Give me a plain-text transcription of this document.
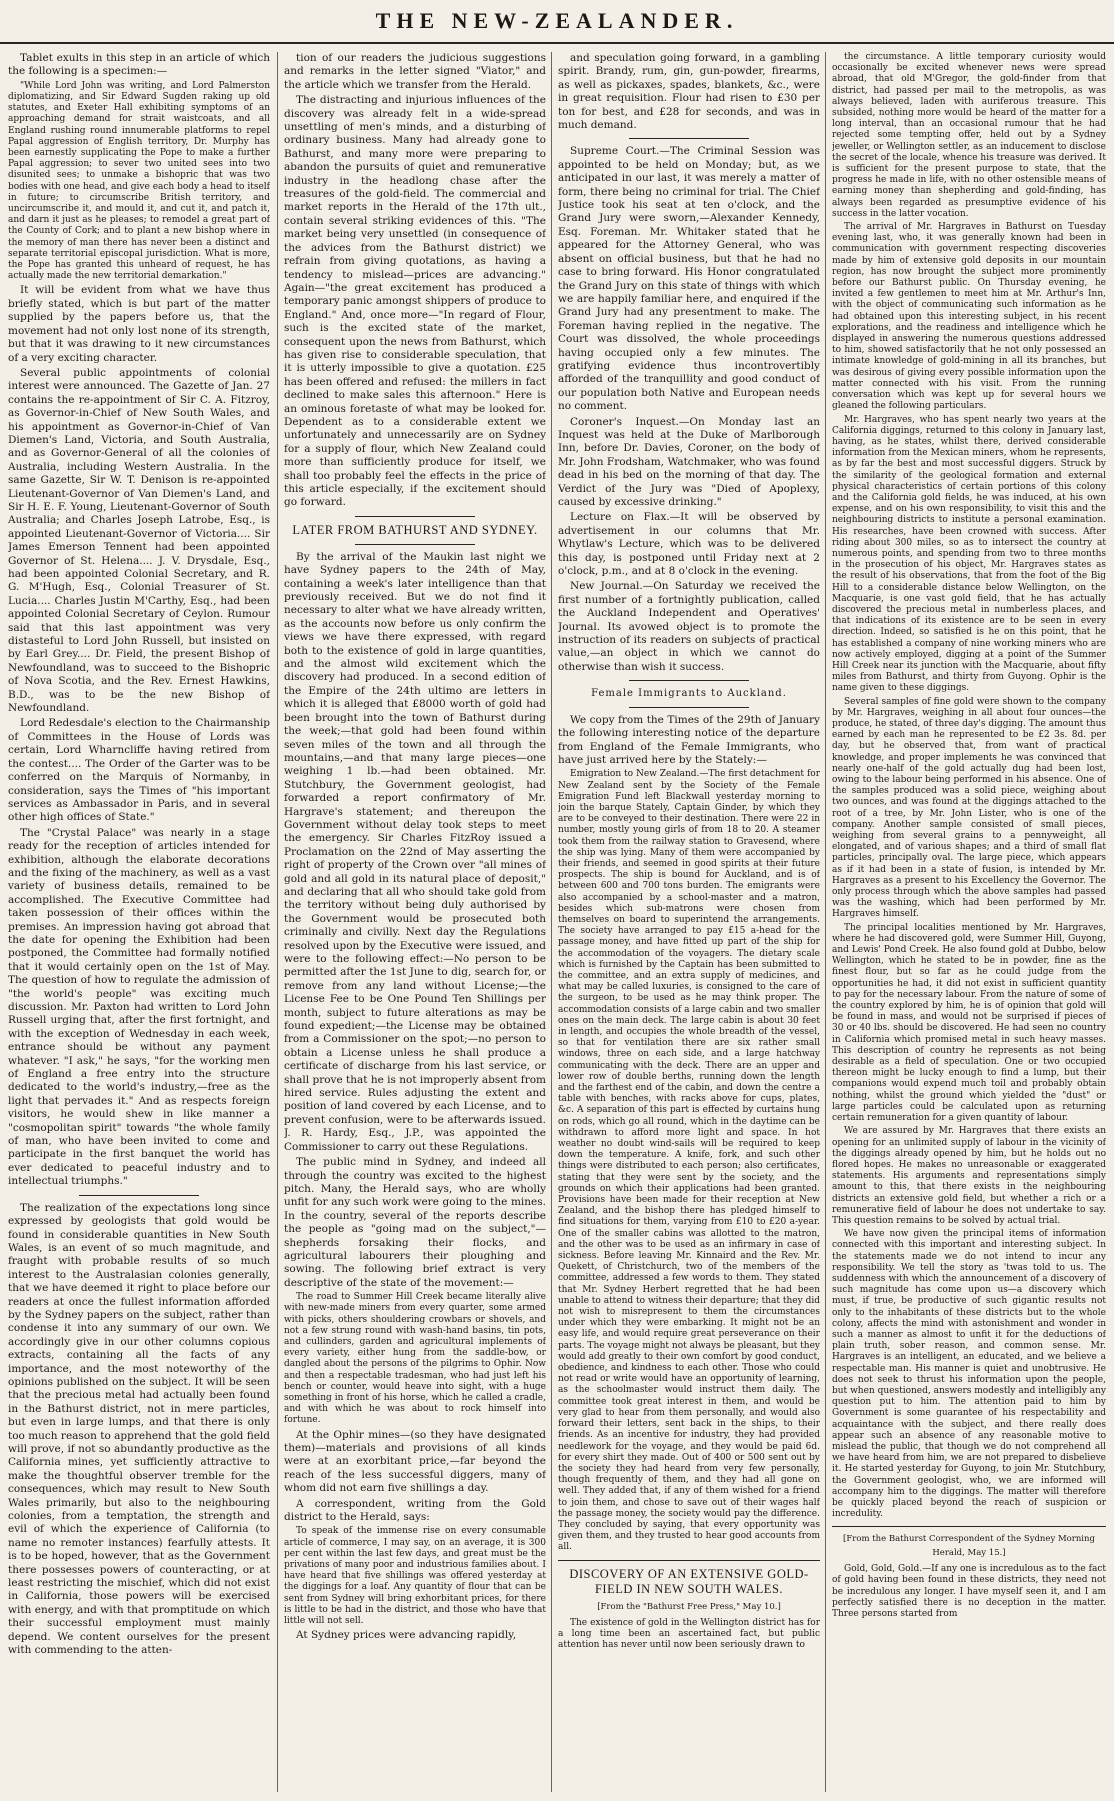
THE NEW-ZEALANDER.

Tablet exults in this step in an article of which the following is a specimen:—

"While Lord John was writing, and Lord Palmerston diplomatizing, and Sir Edward Sugden raking up old statutes, and Exeter Hall exhibiting symptoms of an approaching demand for strait waistcoats, and all England rushing round innumerable platforms to repel Papal aggression of English territory, Dr. Murphy has been earnestly supplicating the Pope to make a further Papal aggression; to sever two united sees into two disunited sees; to unmake a bishopric that was two bodies with one head, and give each body a head to itself in future; to circumscribe British territory, and uncircumscribe it, and mould it, and cut it, and patch it, and darn it just as he pleases; to remodel a great part of the County of Cork; and to plant a new bishop where in the memory of man there has never been a distinct and separate territorial episcopal jurisdiction. What is more, the Pope has granted this unheard of request, he has actually made the new territorial demarkation."

It will be evident from what we have thus briefly stated, which is but part of the matter supplied by the papers before us, that the movement had not only lost none of its strength, but that it was drawing to it new circumstances of a very exciting character.

Several public appointments of colonial interest were announced. The Gazette of Jan. 27 contains the re-appointment of Sir C. A. Fitzroy, as Governor-in-Chief of New South Wales, and his appointment as Governor-in-Chief of Van Diemen's Land, Victoria, and South Australia, and as Governor-General of all the colonies of Australia, including Western Australia. In the same Gazette, Sir W. T. Denison is re-appointed Lieutenant-Governor of Van Diemen's Land, and Sir H. E. F. Young, Lieutenant-Governor of South Australia; and Charles Joseph Latrobe, Esq., is appointed Lieutenant-Governor of Victoria.... Sir James Emerson Tennent had been appointed Governor of St. Helena.... J. V. Drysdale, Esq., had been appointed Colonial Secretary, and R. G. M'Hugh, Esq., Colonial Treasurer of St. Lucia.... Charles Justin M'Carthy, Esq., had been appointed Colonial Secretary of Ceylon. Rumour said that this last appointment was very distasteful to Lord John Russell, but insisted on by Earl Grey.... Dr. Field, the present Bishop of Newfoundland, was to succeed to the Bishopric of Nova Scotia, and the Rev. Ernest Hawkins, B.D., was to be the new Bishop of Newfoundland.

Lord Redesdale's election to the Chairmanship of Committees in the House of Lords was certain, Lord Wharncliffe having retired from the contest.... The Order of the Garter was to be conferred on the Marquis of Normanby, in consideration, says the Times of "his important services as Ambassador in Paris, and in several other high offices of State."

The "Crystal Palace" was nearly in a stage ready for the reception of articles intended for exhibition, although the elaborate decorations and the fixing of the machinery, as well as a vast variety of business details, remained to be accomplished. The Executive Committee had taken possession of their offices within the premises. An impression having got abroad that the date for opening the Exhibition had been postponed, the Committee had formally notified that it would certainly open on the 1st of May. The question of how to regulate the admission of "the world's people" was exciting much discussion. Mr. Paxton had written to Lord John Russell urging that, after the first fortnight, and with the exception of Wednesday in each week, entrance should be without any payment whatever. "I ask," he says, "for the working men of England a free entry into the structure dedicated to the world's industry,—free as the light that pervades it." And as respects foreign visitors, he would shew in like manner a "cosmopolitan spirit" towards "the whole family of man, who have been invited to come and participate in the first banquet the world has ever dedicated to peaceful industry and to intellectual triumphs."

The realization of the expectations long since expressed by geologists that gold would be found in considerable quantities in New South Wales, is an event of so much magnitude, and fraught with probable results of so much interest to the Australasian colonies generally, that we have deemed it right to place before our readers at once the fullest information afforded by the Sydney papers on the subject, rather than condense it into any summary of our own. We accordingly give in our other columns copious extracts, containing all the facts of any importance, and the most noteworthy of the opinions published on the subject. It will be seen that the precious metal had actually been found in the Bathurst district, not in mere particles, but even in large lumps, and that there is only too much reason to apprehend that the gold field will prove, if not so abundantly productive as the California mines, yet sufficiently attractive to make the thoughtful observer tremble for the consequences, which may result to New South Wales primarily, but also to the neighbouring colonies, from a temptation, the strength and evil of which the experience of California (to name no remoter instances) fearfully attests. It is to be hoped, however, that as the Government there possesses powers of counteracting, or at least restricting the mischief, which did not exist in California, those powers will be exercised with energy, and with that promptitude on which their successful employment must mainly depend. We content ourselves for the present with commending to the atten-

tion of our readers the judicious suggestions and remarks in the letter signed "Viator," and the article which we transfer from the Herald.

The distracting and injurious influences of the discovery was already felt in a wide-spread unsettling of men's minds, and a disturbing of ordinary business. Many had already gone to Bathurst, and many more were preparing to abandon the pursuits of quiet and remunerative industry in the headlong chase after the treasures of the gold-field. The commercial and market reports in the Herald of the 17th ult., contain several striking evidences of this. "The market being very unsettled (in consequence of the advices from the Bathurst district) we refrain from giving quotations, as having a tendency to mislead—prices are advancing." Again—"the great excitement has produced a temporary panic amongst shippers of produce to England." And, once more—"In regard of Flour, such is the excited state of the market, consequent upon the news from Bathurst, which has given rise to considerable speculation, that it is utterly impossible to give a quotation. £25 has been offered and refused: the millers in fact declined to make sales this afternoon." Here is an ominous foretaste of what may be looked for. Dependent as to a considerable extent we unfortunately and unnecessarily are on Sydney for a supply of flour, which New Zealand could more than sufficiently produce for itself, we shall too probably feel the effects in the price of this article especially, if the excitement should go forward.

LATER FROM BATHURST AND SYDNEY.

By the arrival of the Maukin last night we have Sydney papers to the 24th of May, containing a week's later intelligence than that previously received. But we do not find it necessary to alter what we have already written, as the accounts now before us only confirm the views we have there expressed, with regard both to the existence of gold in large quantities, and the almost wild excitement which the discovery had produced. In a second edition of the Empire of the 24th ultimo are letters in which it is alleged that £8000 worth of gold had been brought into the town of Bathurst during the week;—that gold had been found within seven miles of the town and all through the mountains,—and that many large pieces—one weighing 1 lb.—had been obtained. Mr. Stutchbury, the Government geologist, had forwarded a report confirmatory of Mr. Hargrave's statement; and thereupon the Government without delay took steps to meet the emergency. Sir Charles FitzRoy issued a Proclamation on the 22nd of May asserting the right of property of the Crown over "all mines of gold and all gold in its natural place of deposit," and declaring that all who should take gold from the territory without being duly authorised by the Government would be prosecuted both criminally and civilly. Next day the Regulations resolved upon by the Executive were issued, and were to the following effect:—No person to be permitted after the 1st June to dig, search for, or remove from any land without License;—the License Fee to be One Pound Ten Shillings per month, subject to future alterations as may be found expedient;—the License may be obtained from a Commissioner on the spot;—no person to obtain a License unless he shall produce a certificate of discharge from his last service, or shall prove that he is not improperly absent from hired service. Rules adjusting the extent and position of land covered by each License, and to prevent confusion, were to be afterwards issued. J. R. Hardy, Esq., J.P., was appointed the Commissioner to carry out these Regulations.

The public mind in Sydney, and indeed all through the country was excited to the highest pitch. Many, the Herald says, who are wholly unfit for any such work were going to the mines. In the country, several of the reports describe the people as "going mad on the subject,"—shepherds forsaking their flocks, and agricultural labourers their ploughing and sowing. The following brief extract is very descriptive of the state of the movement:—

The road to Summer Hill Creek became literally alive with new-made miners from every quarter, some armed with picks, others shouldering crowbars or shovels, and not a few strung round with wash-hand basins, tin pots, and cullinders, garden and agricultural implements of every variety, either hung from the saddle-bow, or dangled about the persons of the pilgrims to Ophir. Now and then a respectable tradesman, who had just left his bench or counter, would heave into sight, with a huge something in front of his horse, which he called a cradle, and with which he was about to rock himself into fortune.

At the Ophir mines—(so they have designated them)—materials and provisions of all kinds were at an exorbitant price,—far beyond the reach of the less successful diggers, many of whom did not earn five shillings a day.

A correspondent, writing from the Gold district to the Herald, says:

To speak of the immense rise on every consumable article of commerce, I may say, on an average, it is 300 per cent within the last few days, and great must be the privations of many poor and industrious families about. I have heard that five shillings was offered yesterday at the diggings for a loaf. Any quantity of flour that can be sent from Sydney will bring exhorbitant prices, for there is little to be had in the district, and those who have that little will not sell.

At Sydney prices were advancing rapidly,

and speculation going forward, in a gambling spirit. Brandy, rum, gin, gun-powder, firearms, as well as pickaxes, spades, blankets, &c., were in great requisition. Flour had risen to £30 per ton for best, and £28 for seconds, and was in much demand.

Supreme Court.—The Criminal Session was appointed to be held on Monday; but, as we anticipated in our last, it was merely a matter of form, there being no criminal for trial. The Chief Justice took his seat at ten o'clock, and the Grand Jury were sworn,—Alexander Kennedy, Esq. Foreman. Mr. Whitaker stated that he appeared for the Attorney General, who was absent on official business, but that he had no case to bring forward. His Honor congratulated the Grand Jury on this state of things with which we are happily familiar here, and enquired if the Grand Jury had any presentment to make. The Foreman having replied in the negative. The Court was dissolved, the whole proceedings having occupied only a few minutes. The gratifying evidence thus incontrovertibly afforded of the tranquillity and good conduct of our population both Native and European needs no comment.

Coroner's Inquest.—On Monday last an Inquest was held at the Duke of Marlborough Inn, before Dr. Davies, Coroner, on the body of Mr. John Frodsham, Watchmaker, who was found dead in his bed on the morning of that day. The Verdict of the Jury was "Died of Apoplexy, caused by excessive drinking."

Lecture on Flax.—It will be observed by advertisement in our columns that Mr. Whytlaw's Lecture, which was to be delivered this day, is postponed until Friday next at 2 o'clock, p.m., and at 8 o'clock in the evening.

New Journal.—On Saturday we received the first number of a fortnightly publication, called the Auckland Independent and Operatives' Journal. Its avowed object is to promote the instruction of its readers on subjects of practical value,—an object in which we cannot do otherwise than wish it success.

Female Immigrants to Auckland.

We copy from the Times of the 29th of January the following interesting notice of the departure from England of the Female Immigrants, who have just arrived here by the Stately:—

Emigration to New Zealand.—The first detachment for New Zealand sent by the Society of the Female Emigration Fund left Blackwall yesterday morning to join the barque Stately, Captain Ginder, by which they are to be conveyed to their destination. There were 22 in number, mostly young girls of from 18 to 20. A steamer took them from the railway station to Gravesend, where the ship was lying. Many of them were accompanied by their friends, and seemed in good spirits at their future prospects. The ship is bound for Auckland, and is of between 600 and 700 tons burden. The emigrants were also accompanied by a school-master and a matron, besides which sub-matrons were chosen from themselves on board to superintend the arrangements. The society have arranged to pay £15 a-head for the passage money, and have fitted up part of the ship for the accommodation of the voyagers. The dietary scale which is furnished by the Captain has been submitted to the committee, and an extra supply of medicines, and what may be called luxuries, is consigned to the care of the surgeon, to be used as he may think proper. The accommodation consists of a large cabin and two smaller ones on the main deck. The large cabin is about 30 feet in length, and occupies the whole breadth of the vessel, so that for ventilation there are six rather small windows, three on each side, and a large hatchway communicating with the deck. There are an upper and lower row of double berths, running down the length and the farthest end of the cabin, and down the centre a table with benches, with racks above for cups, plates, &c. A separation of this part is effected by curtains hung on rods, which go all round, which in the daytime can be withdrawn to afford more light and space. In hot weather no doubt wind-sails will be required to keep down the temperature. A knife, fork, and such other things were distributed to each person; also certificates, stating that they were sent by the society, and the grounds on which their applications had been granted. Provisions have been made for their reception at New Zealand, and the bishop there has pledged himself to find situations for them, varying from £10 to £20 a-year. One of the smaller cabins was allotted to the matron, and the other was to be used as an infirmary in case of sickness. Before leaving Mr. Kinnaird and the Rev. Mr. Quekett, of Christchurch, two of the members of the committee, addressed a few words to them. They stated that Mr. Sydney Herbert regretted that he had been unable to attend to witness their departure; that they did not wish to misrepresent to them the circumstances under which they were embarking. It might not be an easy life, and would require great perseverance on their parts. The voyage might not always be pleasant, but they would add greatly to their own comfort by good conduct, obedience, and kindness to each other. Those who could not read or write would have an opportunity of learning, as the schoolmaster would instruct them daily. The committee took great interest in them, and would be very glad to hear from them personally, and would also forward their letters, sent back in the ships, to their friends. As an incentive for industry, they had provided needlework for the voyage, and they would be paid 6d. for every shirt they made. Out of 400 or 500 sent out by the society they had heard from very few personally, though frequently of them, and they had all gone on well. They added that, if any of them wished for a friend to join them, and chose to save out of their wages half the passage money, the society would pay the difference. They concluded by saying, that every opportunity was given them, and they trusted to hear good accounts from all.

DISCOVERY OF AN EXTENSIVE GOLD-FIELD IN NEW SOUTH WALES.
[From the "Bathurst Free Press," May 10.]

The existence of gold in the Wellington district has for a long time been an ascertained fact, but public attention has never until now been seriously drawn to

the circumstance. A little temporary curiosity would occasionally be excited whenever news were spread abroad, that old M'Gregor, the gold-finder from that district, had passed per mail to the metropolis, as was always believed, laden with auriferous treasure. This subsided, nothing more would be heard of the matter for a long interval, than an occasional rumour that he had rejected some tempting offer, held out by a Sydney jeweller, or Wellington settler, as an inducement to disclose the secret of the locale, whence his treasure was derived. It is sufficient for the present purpose to state, that the progress he made in life, with no other ostensible means of earning money than shepherding and gold-finding, has always been regarded as presumptive evidence of his success in the latter vocation.

The arrival of Mr. Hargraves in Bathurst on Tuesday evening last, who, it was generally known had been in communication with government respecting discoveries made by him of extensive gold deposits in our mountain region, has now brought the subject more prominently before our Bathurst public. On Thursday evening, he invited a few gentlemen to meet him at Mr. Arthur's Inn, with the object of communicating such information as he had obtained upon this interesting subject, in his recent explorations, and the readiness and intelligence which he displayed in answering the numerous questions addressed to him, showed satisfactorily that he not only possessed an intimate knowledge of gold-mining in all its branches, but was desirous of giving every possible information upon the matter connected with his visit. From the running conversation which was kept up for several hours we gleaned the following particulars.

Mr. Hargraves, who has spent nearly two years at the California diggings, returned to this colony in January last, having, as he states, whilst there, derived considerable information from the Mexican miners, whom he represents, as by far the best and most successful diggers. Struck by the similarity of the geological formation and external physical characteristics of certain portions of this colony and the California gold fields, he was induced, at his own expense, and on his own responsibility, to visit this and the neighbouring districts to institute a personal examination. His researches, have been crowned with success. After riding about 300 miles, so as to intersect the country at numerous points, and spending from two to three months in the prosecution of his object, Mr. Hargraves states as the result of his observations, that from the foot of the Big Hill to a considerable distance below Wellington, on the Macquarie, is one vast gold field, that he has actually discovered the precious metal in numberless places, and that indications of its existence are to be seen in every direction. Indeed, so satisfied is he on this point, that he has established a company of nine working miners who are now actively employed, digging at a point of the Summer Hill Creek near its junction with the Macquarie, about fifty miles from Bathurst, and thirty from Guyong. Ophir is the name given to these diggings.

Several samples of fine gold were shown to the company by Mr. Hargraves, weighing in all about four ounces—the produce, he stated, of three day's digging. The amount thus earned by each man he represented to be £2 3s. 8d. per day, but he observed that, from want of practical knowledge, and proper implements he was convinced that nearly one-half of the gold actually dug had been lost, owing to the labour being performed in his absence. One of the samples produced was a solid piece, weighing about two ounces, and was found at the diggings attached to the root of a tree, by Mr. John Lister, who is one of the company. Another sample consisted of small pieces, weighing from several grains to a pennyweight, all elongated, and of various shapes; and a third of small flat particles, principally oval. The large piece, which appears as if it had been in a state of fusion, is intended by Mr. Hargraves as a present to his Excellency the Governor. The only process through which the above samples had passed was the washing, which had been performed by Mr. Hargraves himself.

The principal localities mentioned by Mr. Hargraves, where he had discovered gold, were Summer Hill, Guyong, and Lewis' Pond Creek. He also found gold at Dubbo, below Wellington, which he stated to be in powder, fine as the finest flour, but so far as he could judge from the opportunities he had, it did not exist in sufficient quantity to pay for the necessary labour. From the nature of some of the country explored by him, he is of opinion that gold will be found in mass, and would not be surprised if pieces of 30 or 40 lbs. should be discovered. He had seen no country in California which promised metal in such heavy masses. This description of country he represents as not being desirable as a field of speculation. One or two occupied thereon might be lucky enough to find a lump, but their companions would expend much toil and probably obtain nothing, whilst the ground which yielded the "dust" or large particles could be calculated upon as returning certain remuneration for a given quantity of labour.

We are assured by Mr. Hargraves that there exists an opening for an unlimited supply of labour in the vicinity of the diggings already opened by him, but he holds out no flored hopes. He makes no unreasonable or exaggerated statements. His arguments and representations simply amount to this, that there exists in the neighbouring districts an extensive gold field, but whether a rich or a remunerative field of labour he does not undertake to say. This question remains to be solved by actual trial.

We have now given the principal items of information connected with this important and interesting subject. In the statements made we do not intend to incur any responsibility. We tell the story as 'twas told to us. The suddenness with which the announcement of a discovery of such magnitude has come upon us—a discovery which must, if true, be productive of such gigantic results not only to the inhabitants of these districts but to the whole colony, affects the mind with astonishment and wonder in such a manner as almost to unfit it for the deductions of plain truth, sober reason, and common sense. Mr. Hargraves is an intelligent, an educated, and we believe a respectable man. His manner is quiet and unobtrusive. He does not seek to thrust his information upon the people, but when questioned, answers modestly and intelligibly any question put to him. The attention paid to him by Government is some guarantee of his respectability and acquaintance with the subject, and there really does appear such an absence of any reasonable motive to mislead the public, that though we do not comprehend all we have heard from him, we are not prepared to disbelieve it. He started yesterday for Guyong, to join Mr. Stutchbury, the Government geologist, who, we are informed will accompany him to the diggings. The matter will therefore be quickly placed beyond the reach of suspicion or incredulity.

[From the Bathurst Correspondent of the Sydney Morning Herald, May 15.]

Gold, Gold, Gold.—If any one is incredulous as to the fact of gold having been found in these districts, they need not be incredulous any longer. I have myself seen it, and I am perfectly satisfied there is no deception in the matter. Three persons started from
